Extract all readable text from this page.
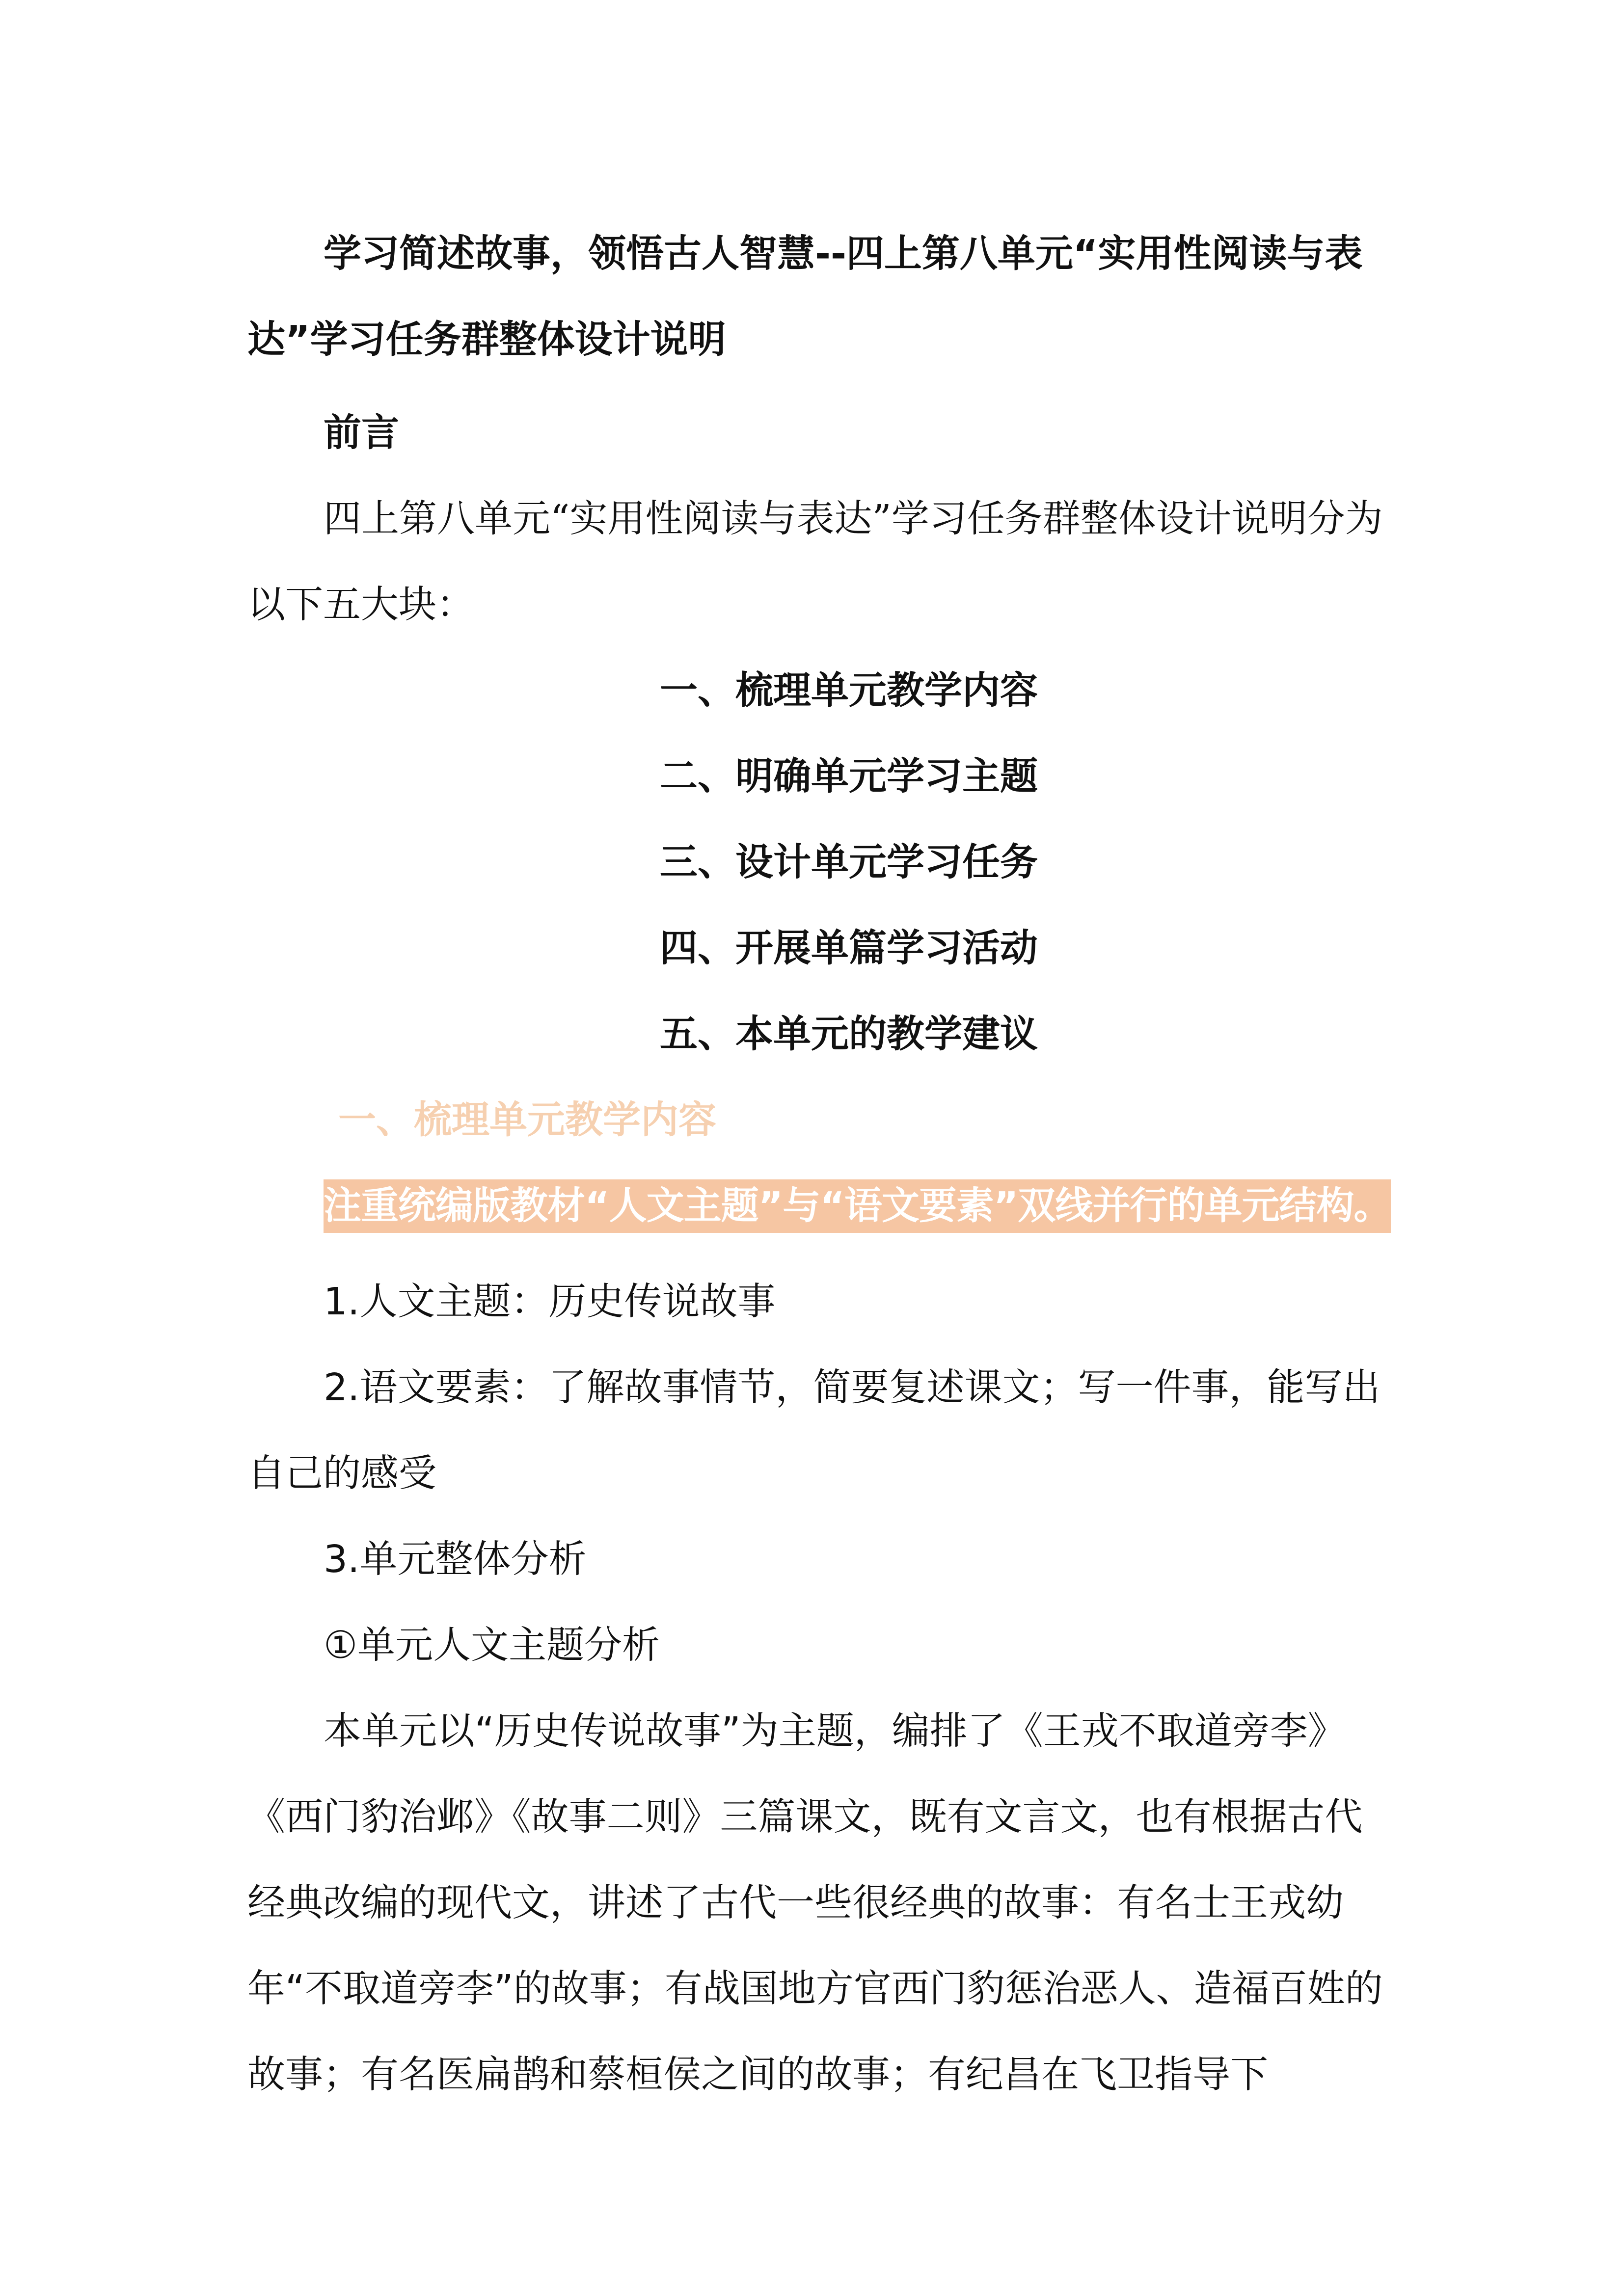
学习简述故事，领悟古人智慧--四上第八单元“实用性阅读与表达”学习任务群整体设计说明

前言

四上第八单元“实用性阅读与表达”学习任务群整体设计说明分为以下五大块：

一、梳理单元教学内容
二、明确单元学习主题
三、设计单元学习任务
四、开展单篇学习活动
五、本单元的教学建议
一、梳理单元教学内容
注重统编版教材“人文主题”与“语文要素”双线并行的单元结构。

1.人文主题：历史传说故事

2.语文要素：了解故事情节，简要复述课文；写一件事，能写出自己的感受

3.单元整体分析

①单元人文主题分析

本单元以“历史传说故事”为主题，编排了《王戎不取道旁李》《西门豹治邺》《故事二则》三篇课文，既有文言文，也有根据古代经典改编的现代文，讲述了古代一些很经典的故事：有名士王戎幼年“不取道旁李”的故事；有战国地方官西门豹惩治恶人、造福百姓的故事；有名医扁鹊和蔡桓侯之间的故事；有纪昌在飞卫指导下
